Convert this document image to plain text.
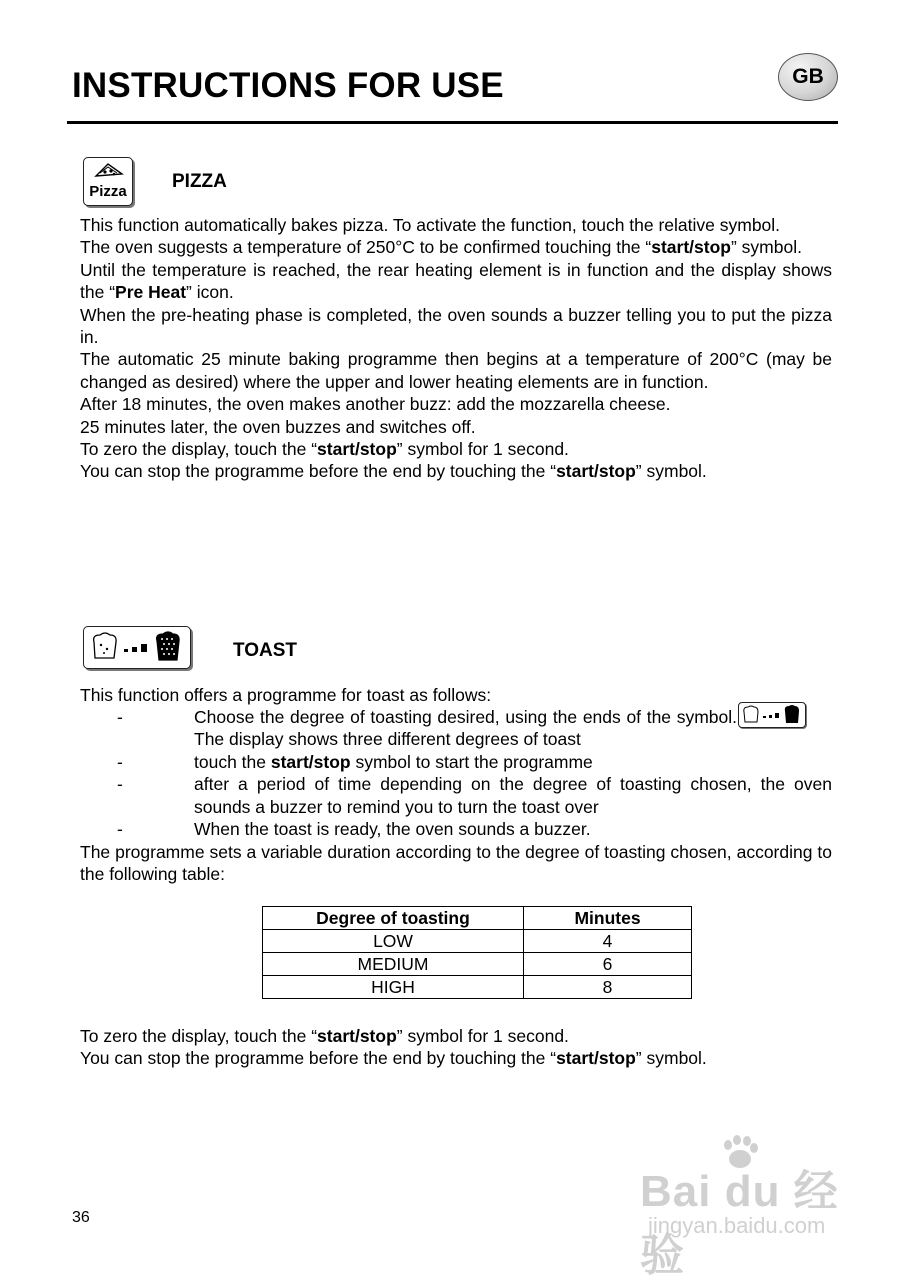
INSTRUCTIONS FOR USE	GB
Pizza PIZZA

This function automatically bakes pizza. To activate the function, touch the relative symbol.

The oven suggests a temperature of 250°C to be confirmed touching the “start/stop” symbol.

Until the temperature is reached, the rear heating element is in function and the display shows the “Pre Heat” icon.

When the pre-heating phase is completed, the oven sounds a buzzer telling you to put the pizza in.

The automatic 25 minute baking programme then begins at a temperature of 200°C (may be changed as desired) where the upper and lower heating elements are in function.

After 18 minutes, the oven makes another buzz: add the mozzarella cheese.

25 minutes later, the oven buzzes and switches off.

To zero the display, touch the “start/stop” symbol for 1 second.

You can stop the programme before the end by touching the “start/stop” symbol.

TOAST

This function offers a programme for toast as follows:

-	Choose the degree of toasting desired, using the ends of the symbol. The display shows three different degrees of toast
-	touch the start/stop symbol to start the programme
-	after a period of time depending on the degree of toasting chosen, the oven sounds a buzzer to remind you to turn the toast over
-	When the toast is ready, the oven sounds a buzzer.

The programme sets a variable duration according to the degree of toasting chosen, according to the following table:

Degree of toasting	Minutes
LOW	4
MEDIUM	6
HIGH	8

To zero the display, touch the “start/stop” symbol for 1 second.

You can stop the programme before the end by touching the “start/stop” symbol.

36
Bai du 经验
jingyan.baidu.com
